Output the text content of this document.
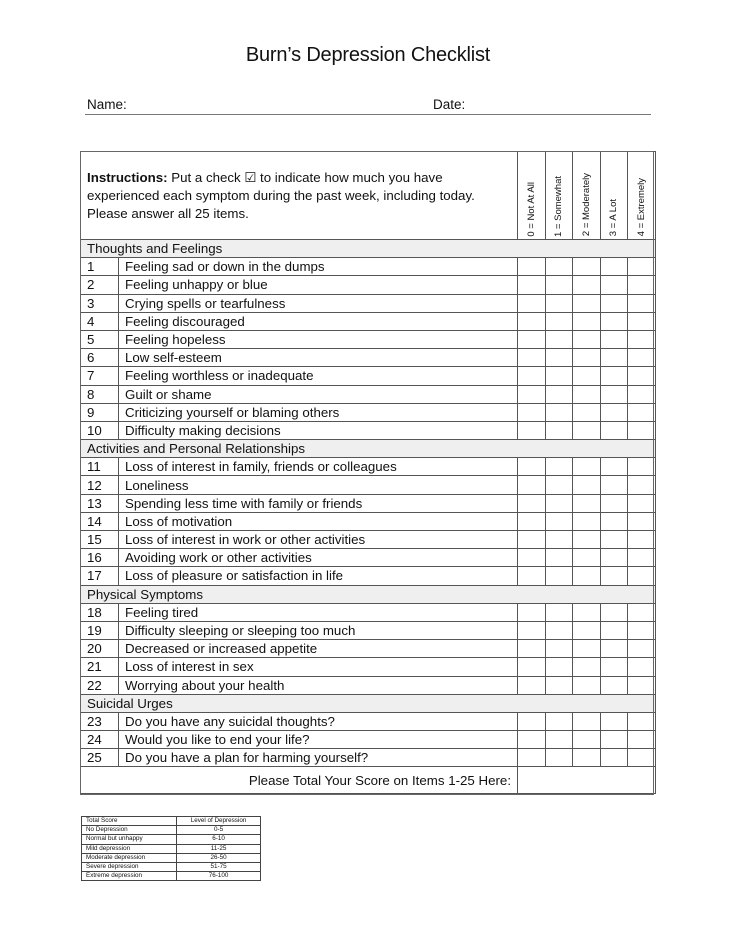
Burn’s Depression Checklist
Name:	Date:
Instructions: Put a check ☑ to indicate how much you have experienced each symptom during the past week, including today. Please answer all 25 items.		0 = Not At All	1 = Somewhat	2 = Moderately	3 = A Lot	4 = Extremely

Thoughts and Feelings						
1	Feeling sad or down in the dumps					
2	Feeling unhappy or blue					
3	Crying spells or tearfulness					
4	Feeling discouraged					
5	Feeling hopeless					
6	Low self-esteem					
7	Feeling worthless or inadequate					
8	Guilt or shame					
9	Criticizing yourself or blaming others					
10	Difficulty making decisions					
Activities and Personal Relationships						
11	Loss of interest in family, friends or colleagues					
12	Loneliness					
13	Spending less time with family or friends					
14	Loss of motivation					
15	Loss of interest in work or other activities					
16	Avoiding work or other activities					
17	Loss of pleasure or satisfaction in life					
Physical Symptoms						
18	Feeling tired					
19	Difficulty sleeping or sleeping too much					
20	Decreased or increased appetite					
21	Loss of interest in sex					
22	Worrying about your health					
Suicidal Urges						
23	Do you have any suicidal thoughts?					
24	Would you like to end your life?					
25	Do you have a plan for harming yourself?					
Please Total Your Score on Items 1-25 Here:						
Total Score	Level of Depression
No Depression	0-5
Normal but unhappy	6-10
Mild depression	11-25
Moderate depression	26-50
Severe depression	51-75
Extreme depression	76-100
